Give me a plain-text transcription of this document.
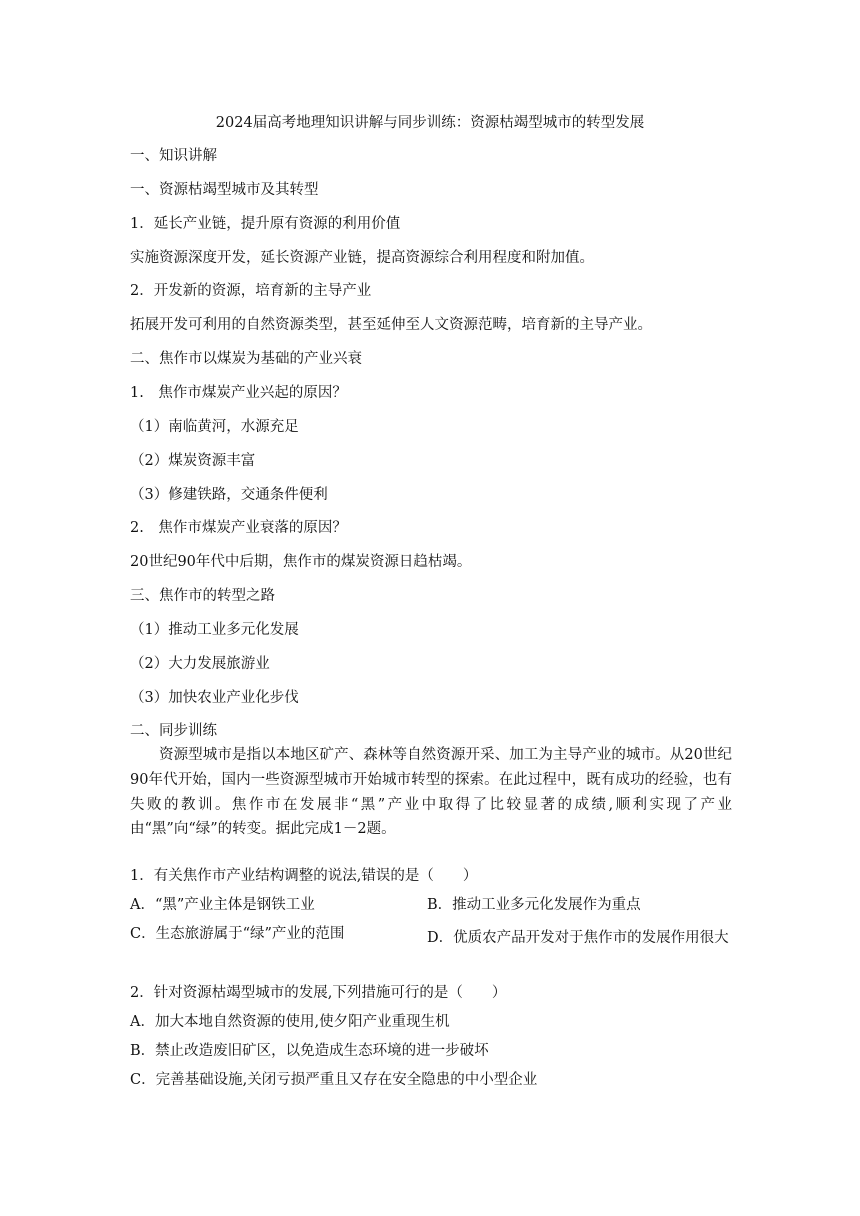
2024届高考地理知识讲解与同步训练：资源枯竭型城市的转型发展
一、知识讲解
一、资源枯竭型城市及其转型
1．延长产业链，提升原有资源的利用价值
实施资源深度开发，延长资源产业链，提高资源综合利用程度和附加值。
2．开发新的资源，培育新的主导产业
拓展开发可利用的自然资源类型，甚至延伸至人文资源范畴，培育新的主导产业。
二、焦作市以煤炭为基础的产业兴衰
1.　焦作市煤炭产业兴起的原因？
（1）南临黄河，水源充足
（2）煤炭资源丰富
（3）修建铁路，交通条件便利
2.　焦作市煤炭产业衰落的原因？
20世纪90年代中后期，焦作市的煤炭资源日趋枯竭。
三、焦作市的转型之路
（1）推动工业多元化发展
（2）大力发展旅游业
（3）加快农业产业化步伐
二、同步训练
资源型城市是指以本地区矿产、森林等自然资源开采、加工为主导产业的城市。从20世纪90年代开始，国内一些资源型城市开始城市转型的探索。在此过程中，既有成功的经验，也有失败的教训。焦作市在发展非“黑”产业中取得了比较显著的成绩,顺利实现了产业由“黑”向“绿”的转变。据此完成1－2题。
1．有关焦作市产业结构调整的说法,错误的是（　　）
A．“黑”产业主体是钢铁工业	B．推动工业多元化发展作为重点
C．生态旅游属于“绿”产业的范围	D．优质农产品开发对于焦作市的发展作用很大
2．针对资源枯竭型城市的发展,下列措施可行的是（　　）
A．加大本地自然资源的使用,使夕阳产业重现生机
B．禁止改造废旧矿区，以免造成生态环境的进一步破坏
C．完善基础设施,关闭亏损严重且又存在安全隐患的中小型企业
